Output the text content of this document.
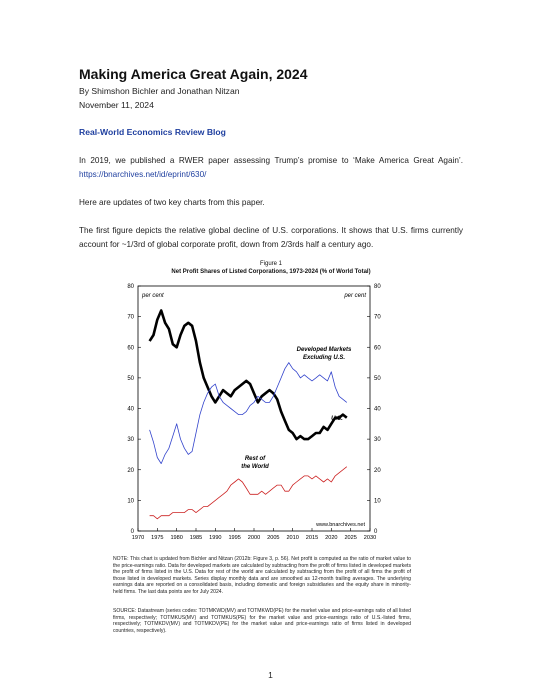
Making America Great Again, 2024
By Shimshon Bichler and Jonathan Nitzan
November 11, 2024
Real-World Economics Review Blog
In 2019, we published a RWER paper assessing Trump’s promise to ‘Make America Great Again’. https://bnarchives.net/id/eprint/630/
Here are updates of two key charts from this paper.
The first figure depicts the relative global decline of U.S. corporations. It shows that U.S. firms currently account for ~1/3rd of global corporate profit, down from 2/3rds half a century ago.
Figure 1
Net Profit Shares of Listed Corporations, 1973-2024 (% of World Total)
0	0
10	10
20	20
30	30
40	40
50	50
60	60
70	70
80	80
1970 1975 1980 1985 1990 1995 2000 2005 2010 2015 2020 2025 2030
per cent	per cent
Developed Markets
Excluding U.S.
U.S.
Rest of
the World
www.bnarchives.net
NOTE: This chart is updated from Bichler and Nitzan (2012b: Figure 3, p. 56). Net profit is computed as the ratio of market value to the price-earnings ratio. Data for developed markets are calculated by subtracting from the profit of firms listed in developed markets the profit of firms listed in the U.S. Data for rest of the world are calculated by subtracting from the profit of all firms the profit of those listed in developed markets. Series display monthly data and are smoothed as 12-month trailing averages. The underlying earnings data are reported on a consolidated basis, including domestic and foreign subsidiaries and the equity share in minority-held firms. The last data points are for July 2024.
SOURCE: Datastream (series codes: TOTMKWD(MV) and TOTMKWD(PE) for the market value and price-earnings ratio of all listed firms, respectively; TOTMKUS(MV) and TOTMKUS(PE) for the market value and price-earnings ratio of U.S.-listed firms, respectively; TOTMKDV(MV) and TOTMKDV(PE) for the market value and price-earnings ratio of firms listed in developed countries, respectively).
1
